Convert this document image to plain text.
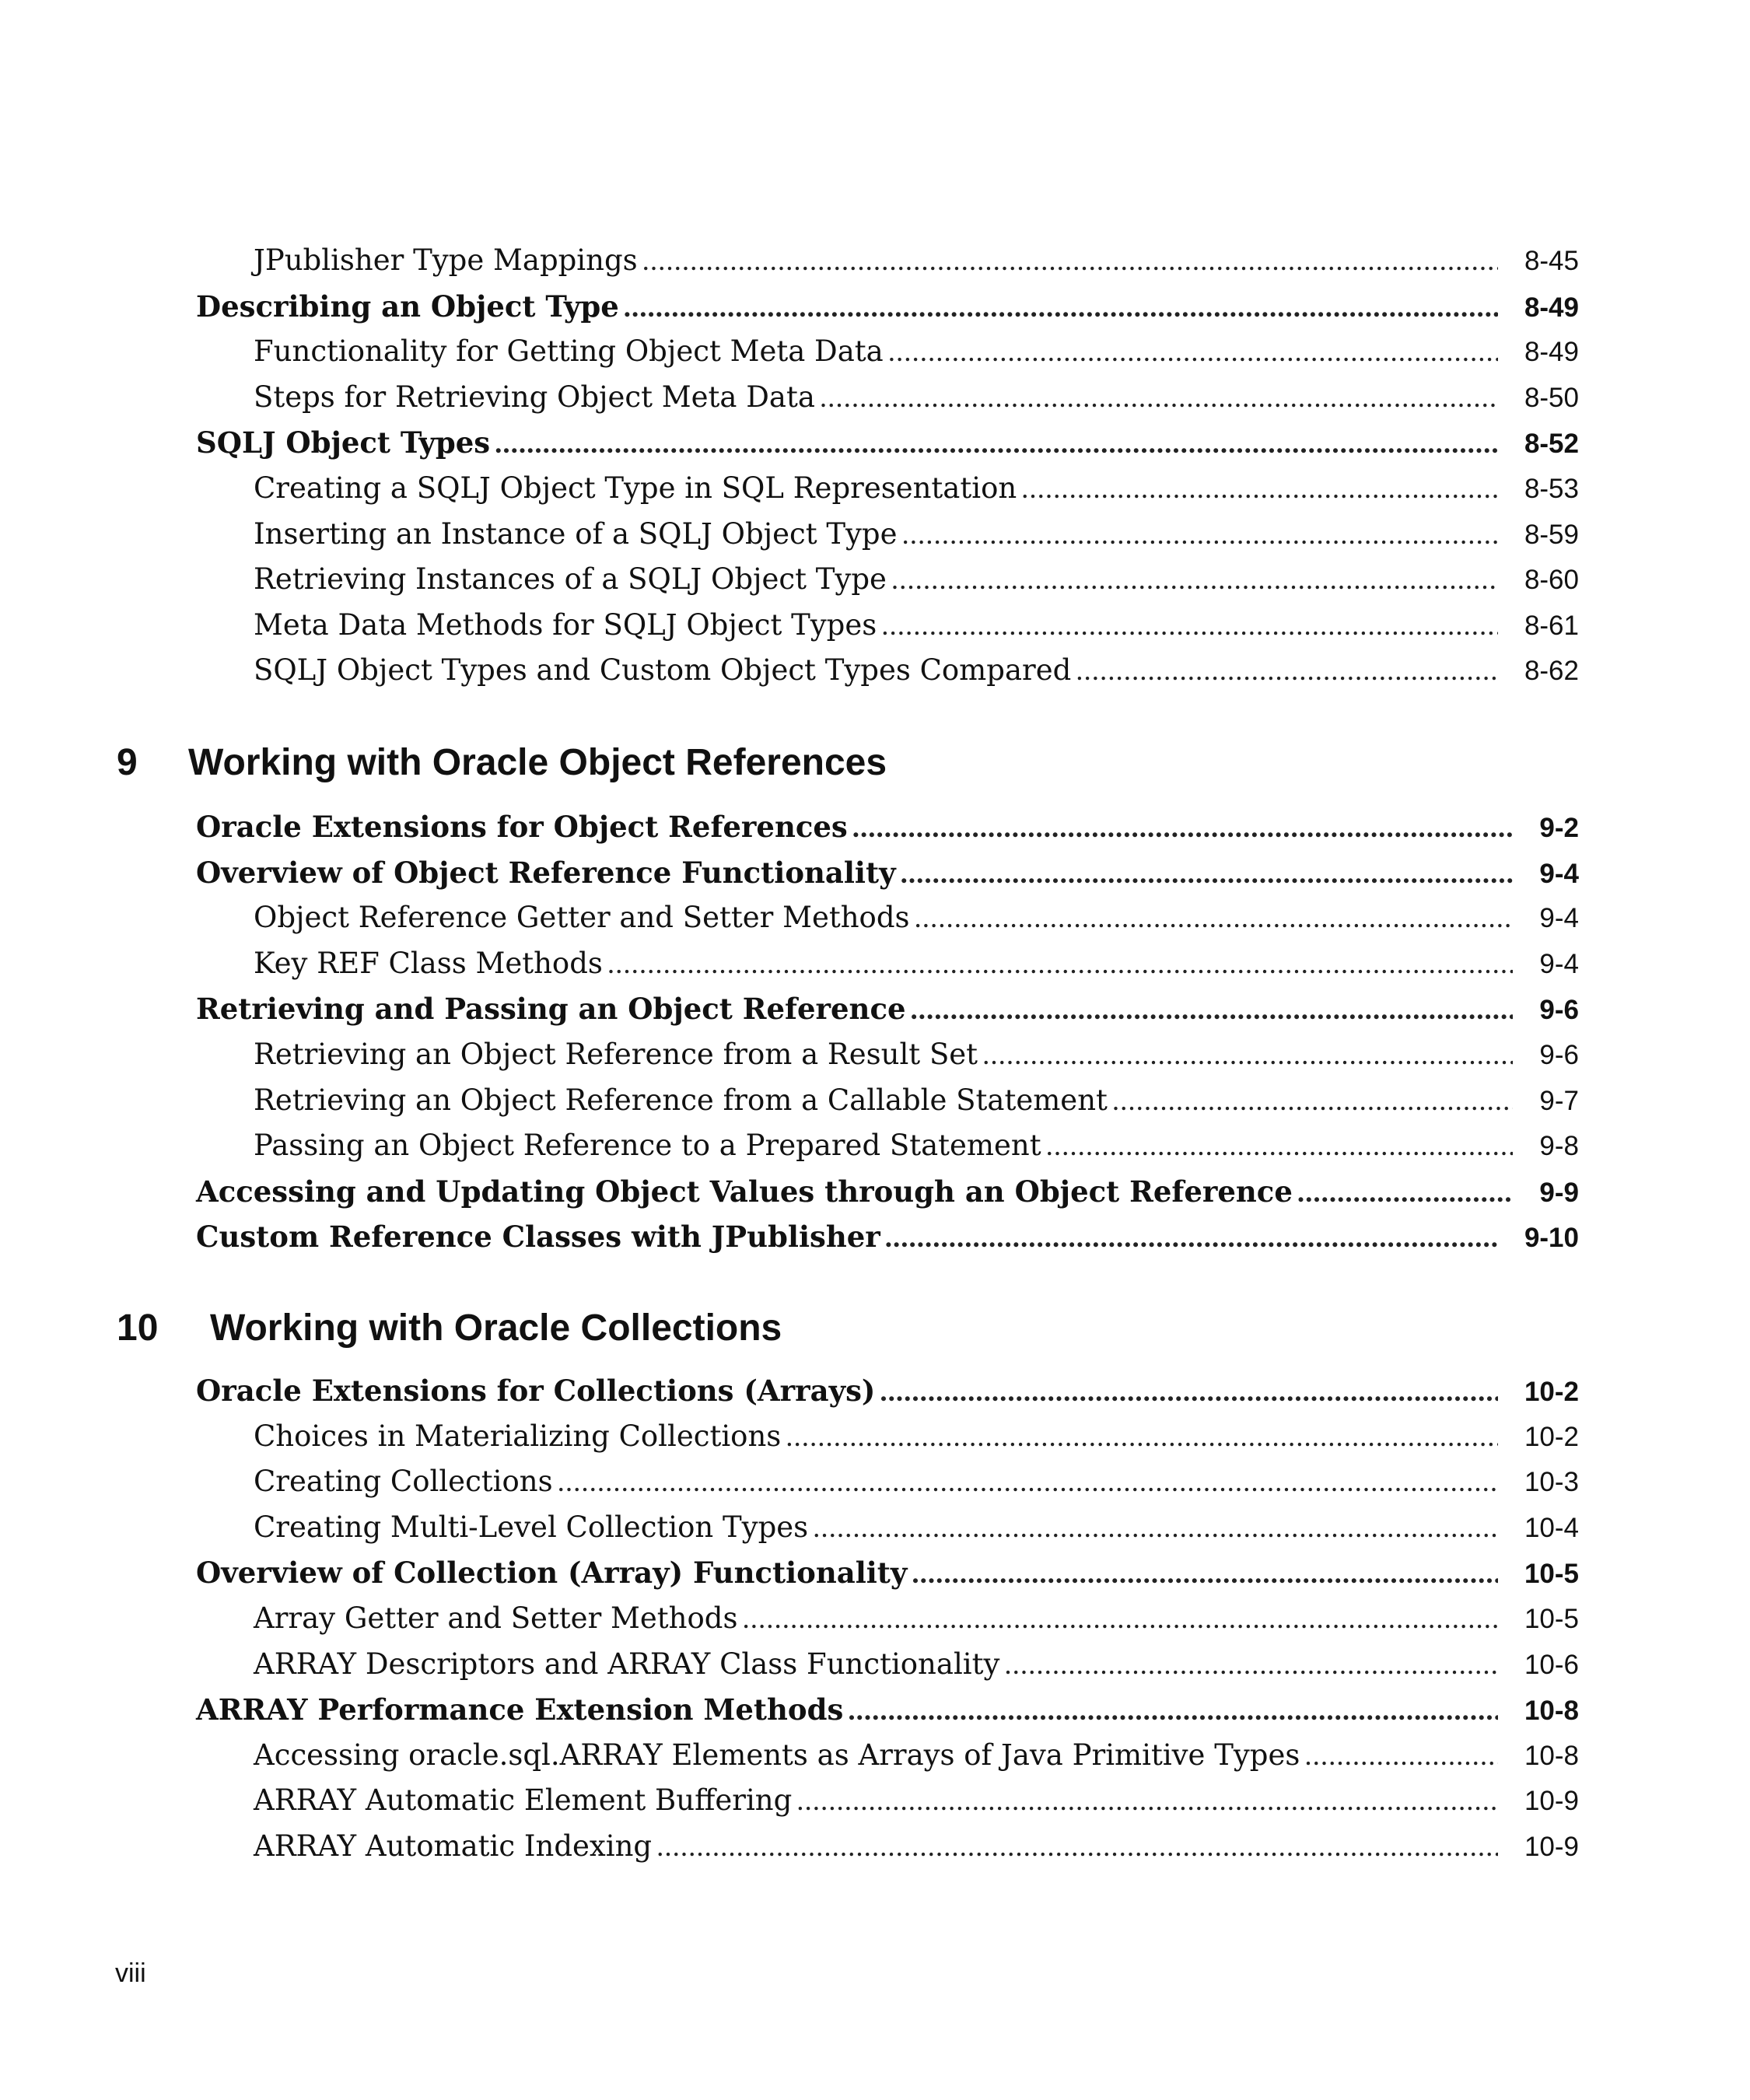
JPublisher Type Mappings .....	8-45
Describing an Object Type .....	8-49
Functionality for Getting Object Meta Data .....	8-49
Steps for Retrieving Object Meta Data .....	8-50
SQLJ Object Types .....	8-52
Creating a SQLJ Object Type in SQL Representation .....	8-53
Inserting an Instance of a SQLJ Object Type .....	8-59
Retrieving Instances of a SQLJ Object Type .....	8-60
Meta Data Methods for SQLJ Object Types .....	8-61
SQLJ Object Types and Custom Object Types Compared .....	8-62
9	Working with Oracle Object References
Oracle Extensions for Object References .....	9-2
Overview of Object Reference Functionality .....	9-4
Object Reference Getter and Setter Methods .....	9-4
Key REF Class Methods .....	9-4
Retrieving and Passing an Object Reference .....	9-6
Retrieving an Object Reference from a Result Set .....	9-6
Retrieving an Object Reference from a Callable Statement .....	9-7
Passing an Object Reference to a Prepared Statement .....	9-8
Accessing and Updating Object Values through an Object Reference .....	9-9
Custom Reference Classes with JPublisher .....	9-10
10	Working with Oracle Collections
Oracle Extensions for Collections (Arrays) .....	10-2
Choices in Materializing Collections .....	10-2
Creating Collections .....	10-3
Creating Multi-Level Collection Types .....	10-4
Overview of Collection (Array) Functionality .....	10-5
Array Getter and Setter Methods .....	10-5
ARRAY Descriptors and ARRAY Class Functionality .....	10-6
ARRAY Performance Extension Methods .....	10-8
Accessing oracle.sql.ARRAY Elements as Arrays of Java Primitive Types .....	10-8
ARRAY Automatic Element Buffering .....	10-9
ARRAY Automatic Indexing .....	10-9
viii
